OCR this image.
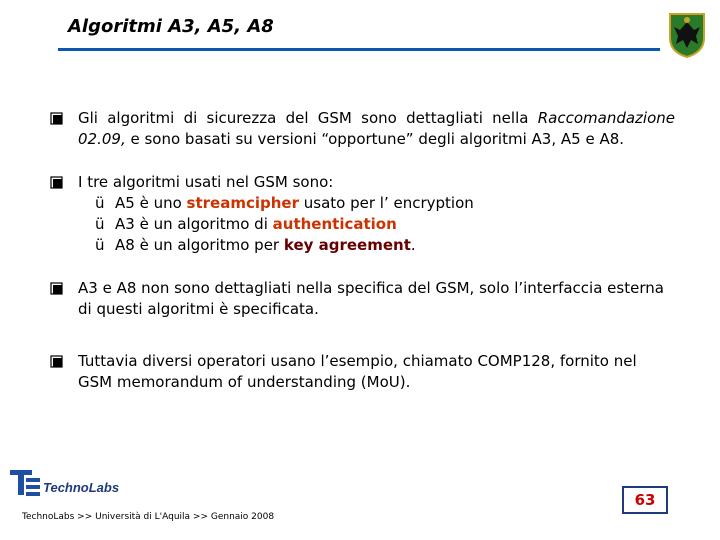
Algoritmi A3, A5, A8
Gli algoritmi di sicurezza del GSM sono dettagliati nella Raccomandazione 02.09, e sono basati su versioni “opportune” degli algoritmi A3, A5 e A8.
I tre algoritmi usati nel GSM sono:
ü A5 è uno streamcipher usato per l’ encryption
ü A3 è un algoritmo di authentication
ü A8 è un algoritmo per key agreement.
A3 e A8 non sono dettagliati nella specifica del GSM, solo l’interfaccia esterna di questi algoritmi è specificata.
Tuttavia diversi operatori usano l’esempio, chiamato COMP128, fornito nel GSM memorandum of understanding (MoU).
TechnoLabs
TechnoLabs >> Università di L'Aquila >> Gennaio 2008
63
